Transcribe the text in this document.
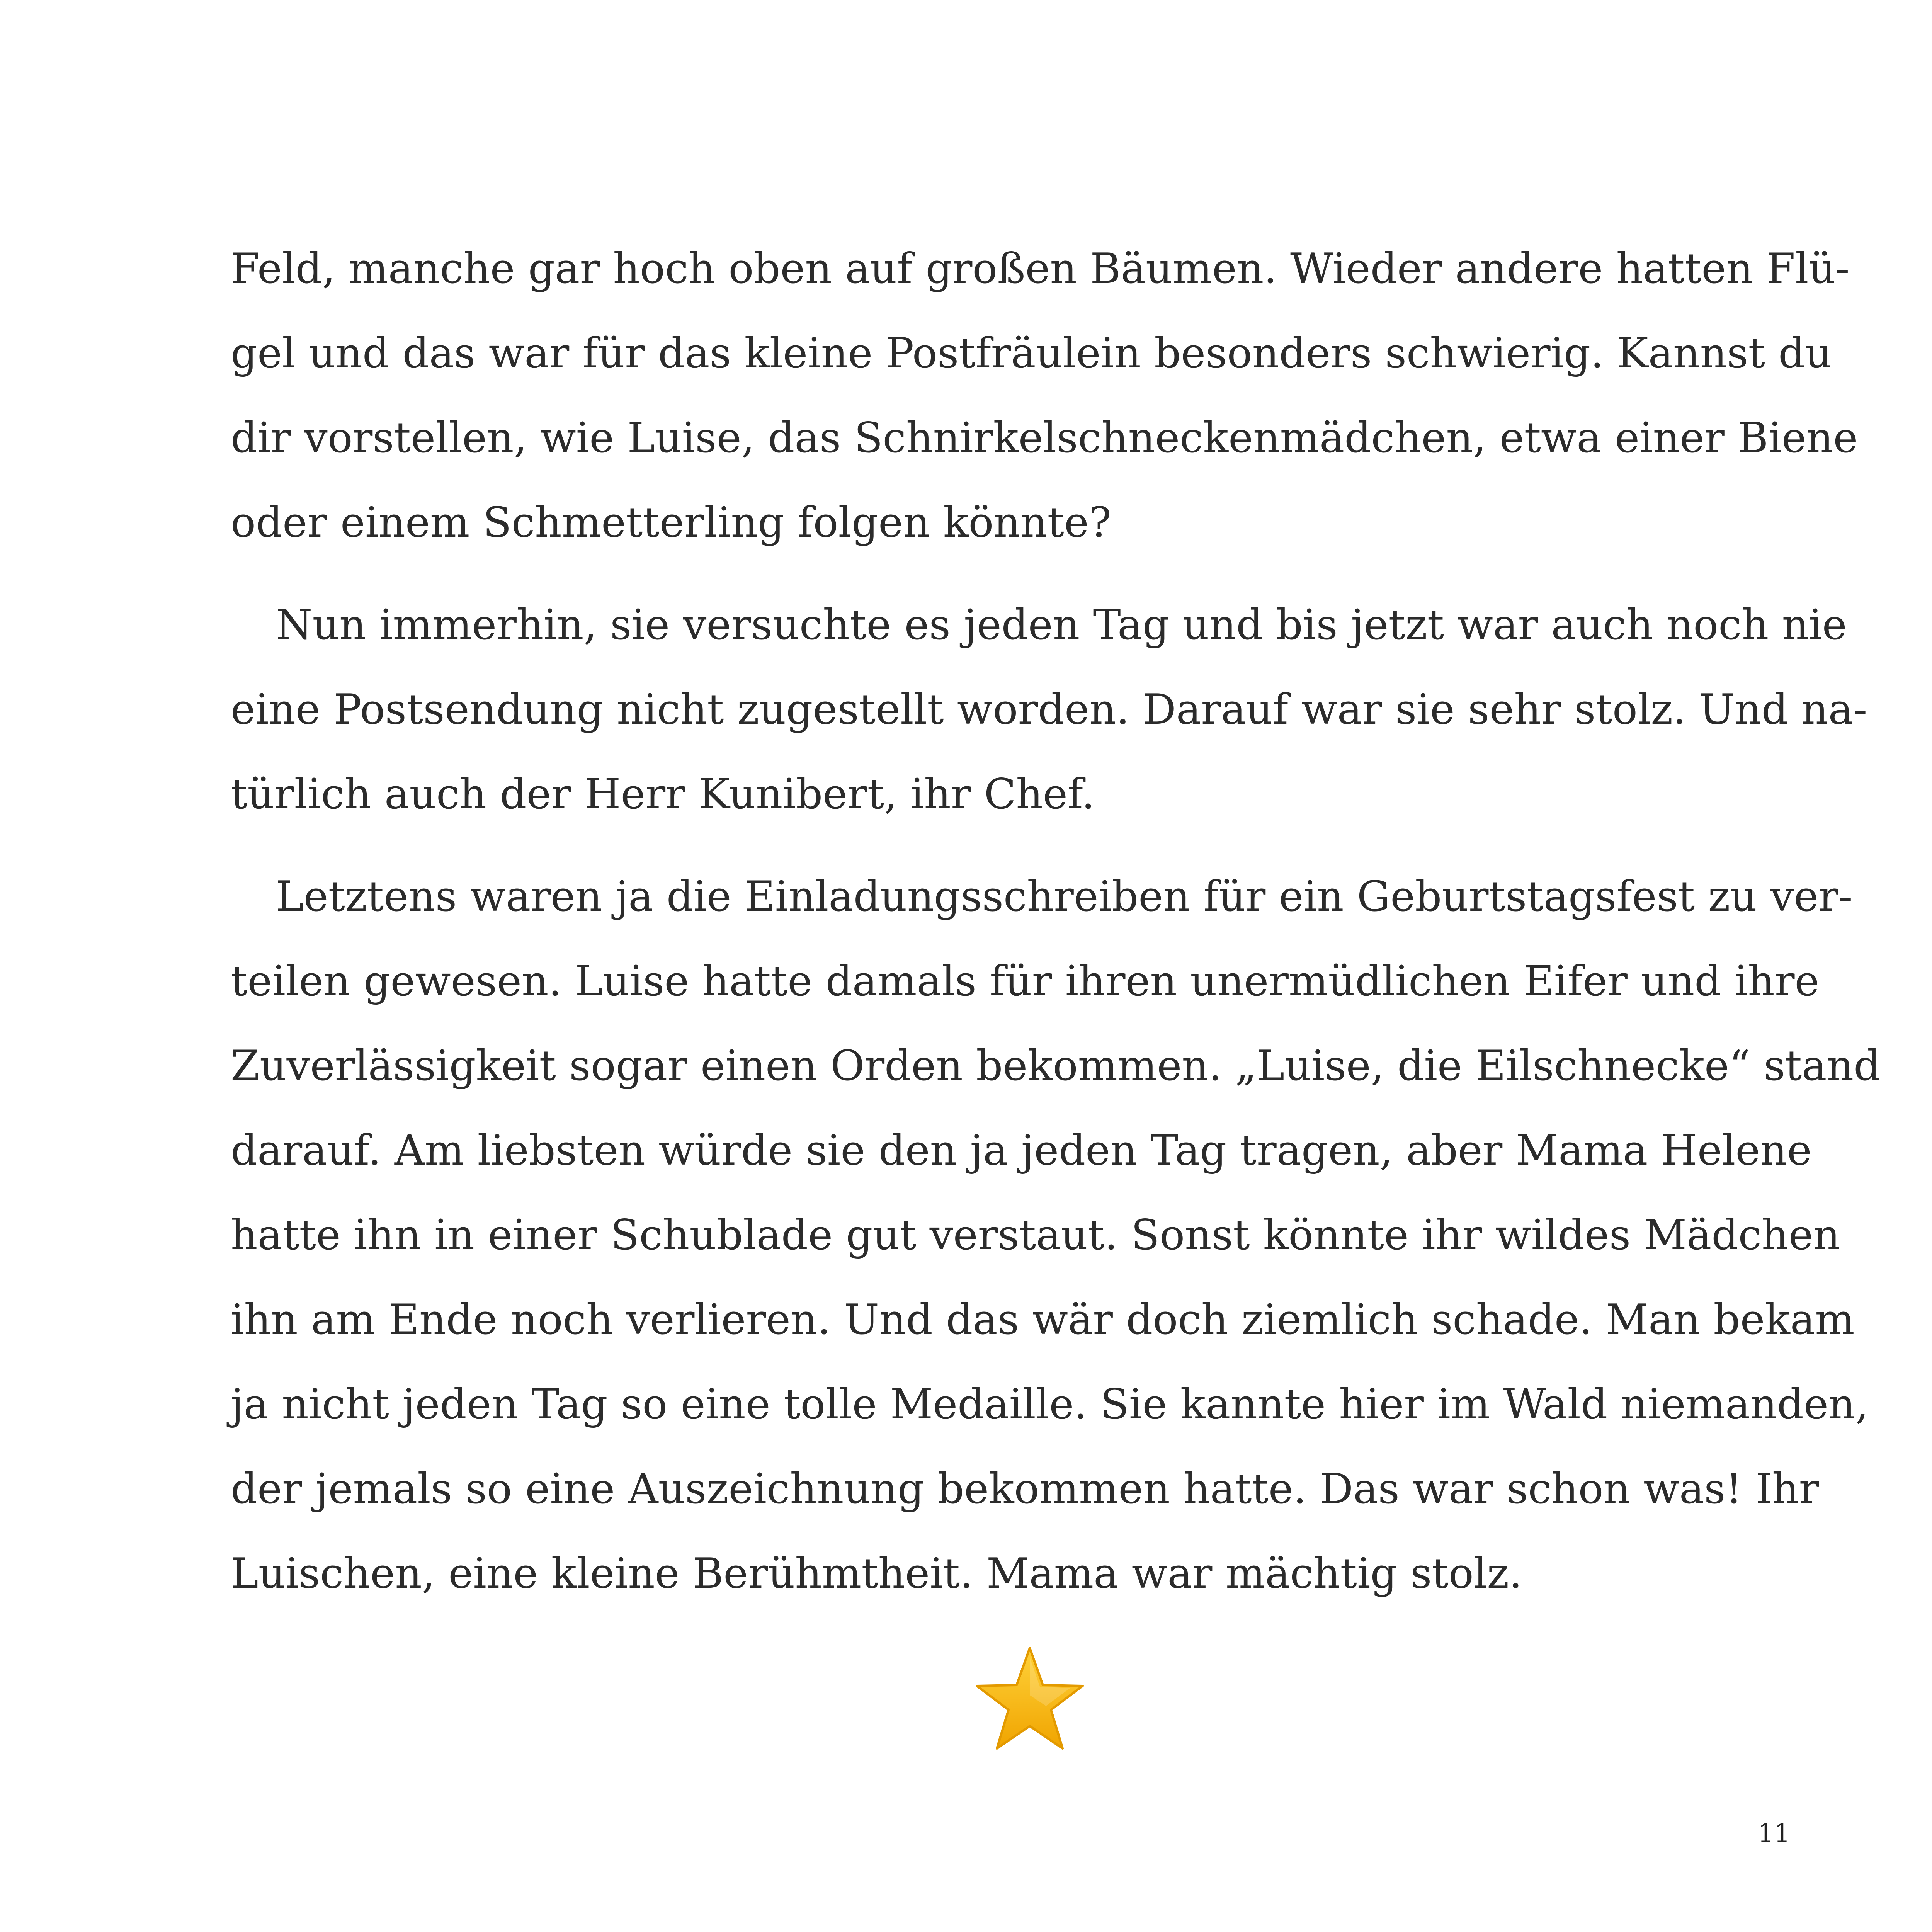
Feld, manche gar hoch oben auf großen Bäumen. Wieder andere hatten Flü-
gel und das war für das kleine Postfräulein besonders schwierig. Kannst du
dir vorstellen, wie Luise, das Schnirkelschneckenmädchen, etwa einer Biene
oder einem Schmetterling folgen könnte?

Nun immerhin, sie versuchte es jeden Tag und bis jetzt war auch noch nie
eine Postsendung nicht zugestellt worden. Darauf war sie sehr stolz. Und na-
türlich auch der Herr Kunibert, ihr Chef.

Letztens waren ja die Einladungsschreiben für ein Geburtstagsfest zu ver-
teilen gewesen. Luise hatte damals für ihren unermüdlichen Eifer und ihre
Zuverlässigkeit sogar einen Orden bekommen. „Luise, die Eilschnecke“ stand
darauf. Am liebsten würde sie den ja jeden Tag tragen, aber Mama Helene
hatte ihn in einer Schublade gut verstaut. Sonst könnte ihr wildes Mädchen
ihn am Ende noch verlieren. Und das wär doch ziemlich schade. Man bekam
ja nicht jeden Tag so eine tolle Medaille. Sie kannte hier im Wald niemanden,
der jemals so eine Auszeichnung bekommen hatte. Das war schon was! Ihr
Luischen, eine kleine Berühmtheit. Mama war mächtig stolz.

11
